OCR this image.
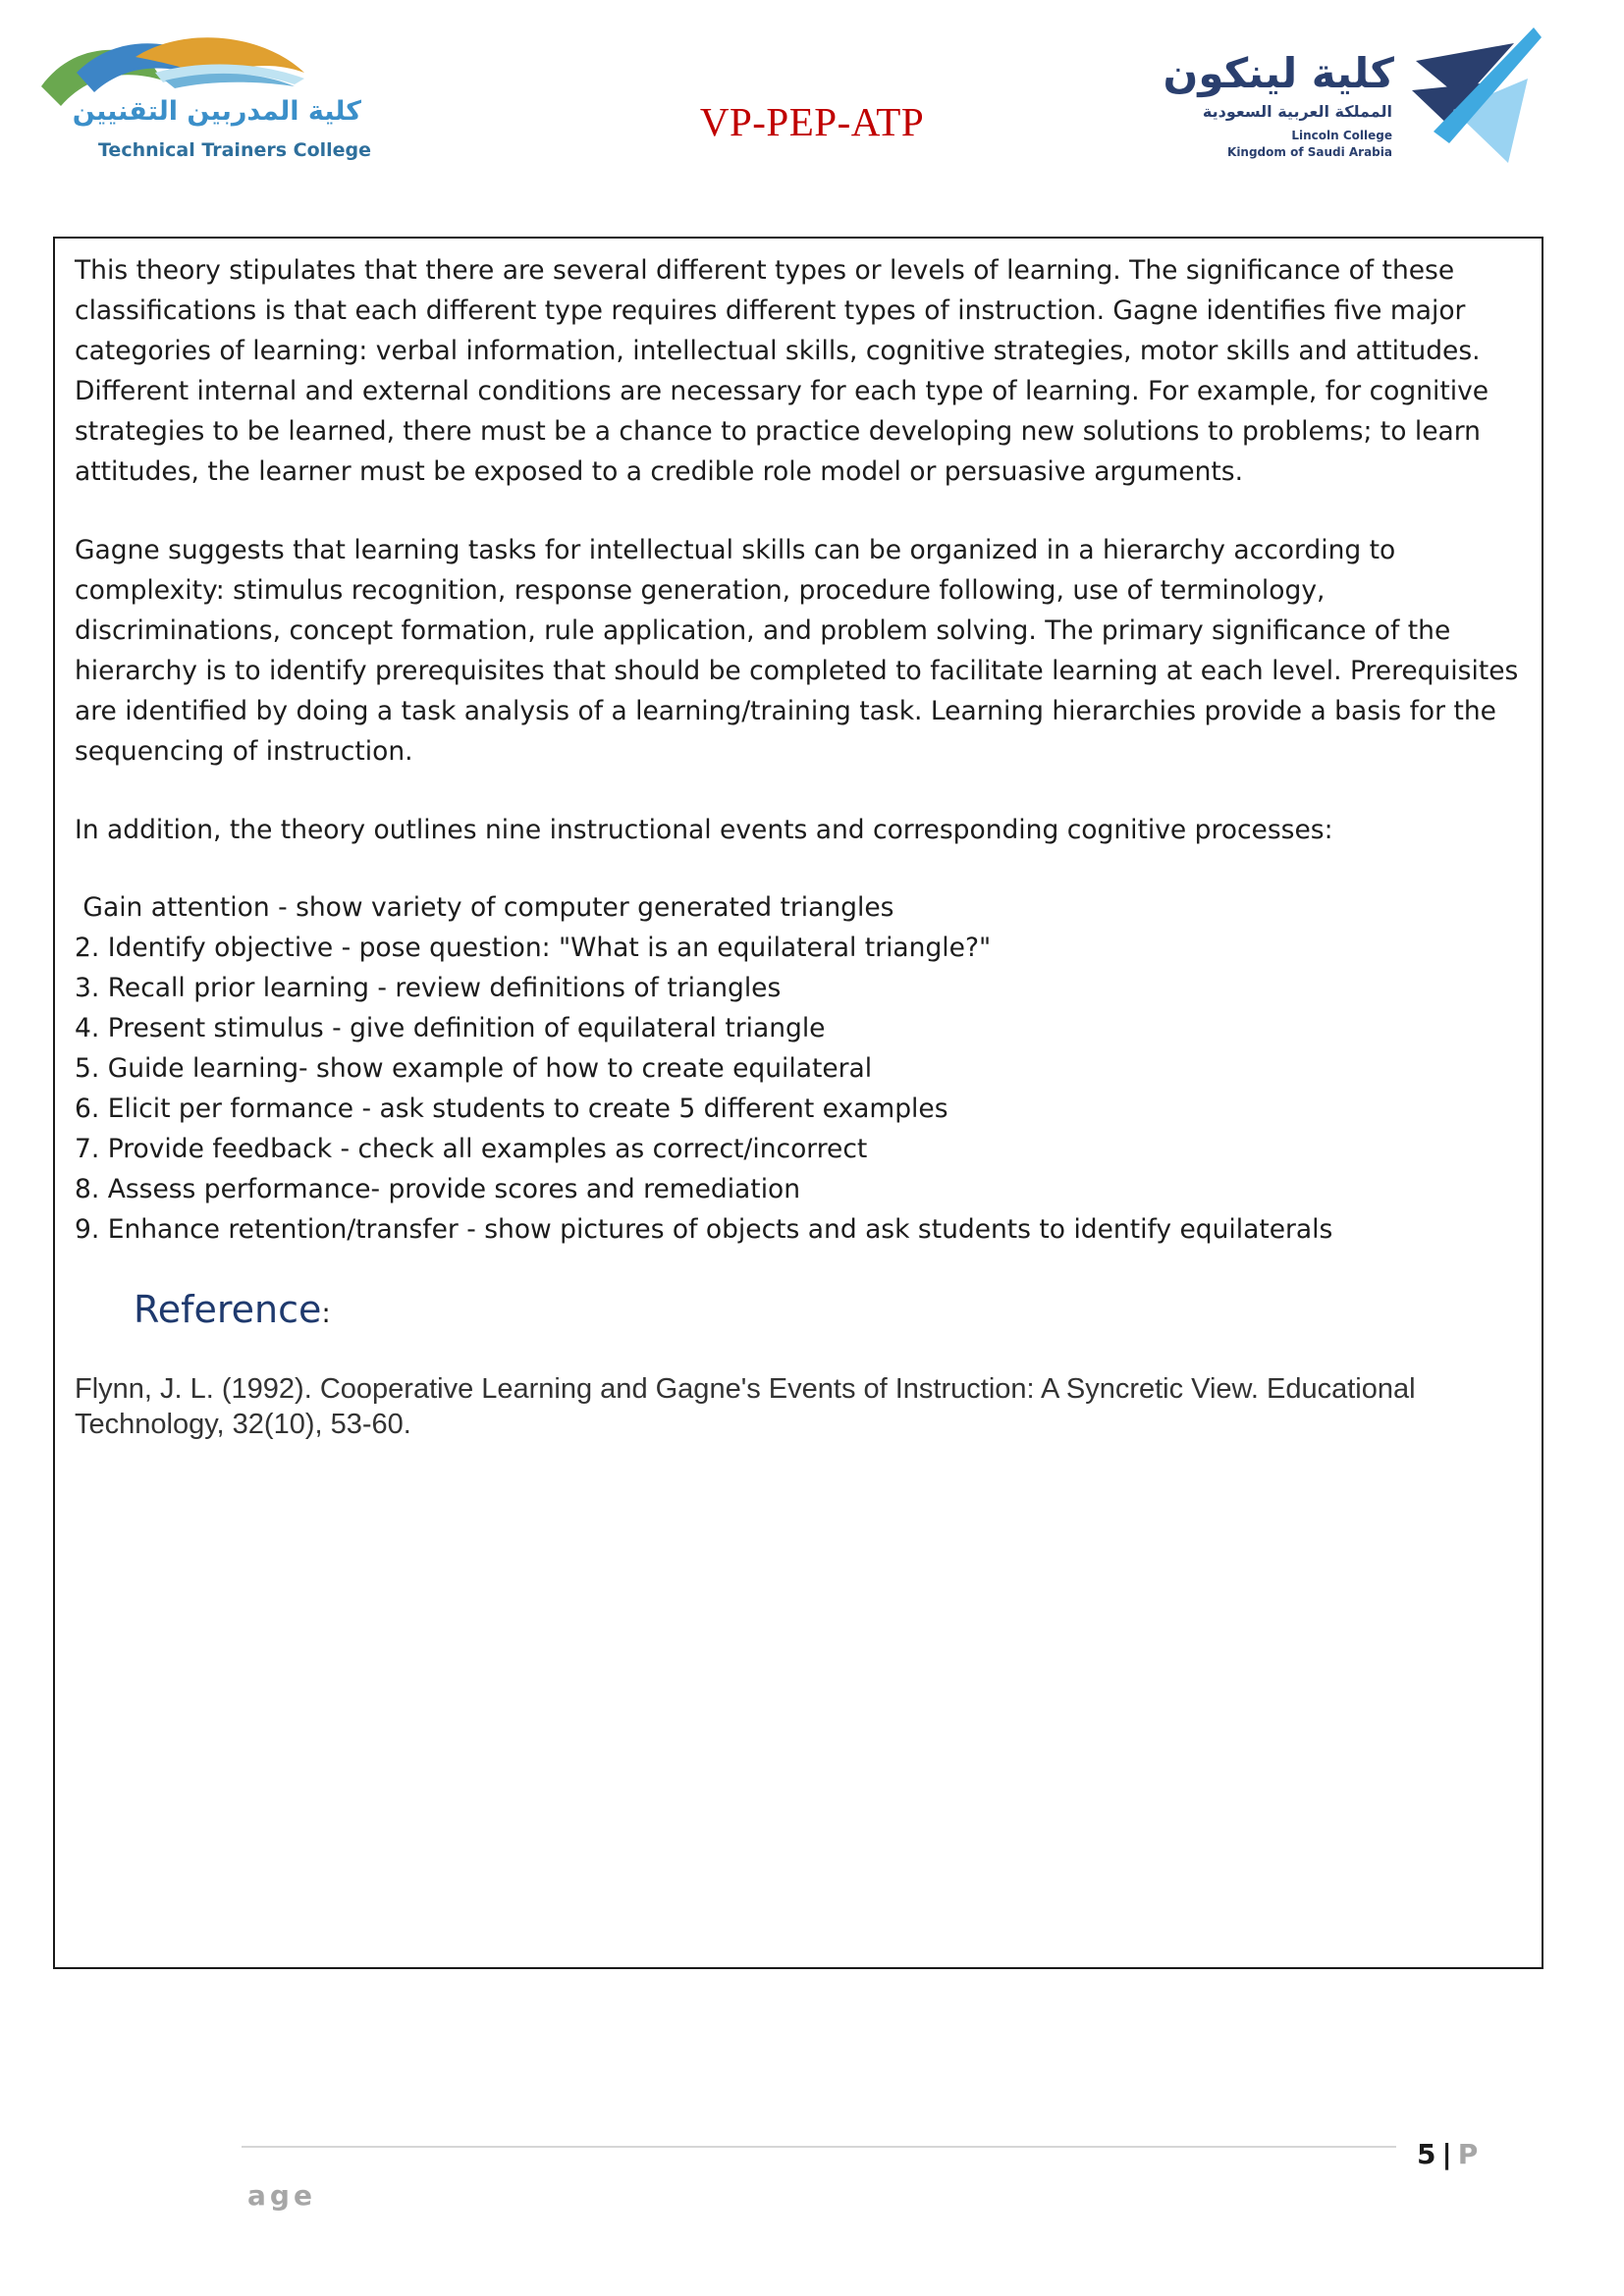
كلية المدربين التقنيين
Technical Trainers College
VP-PEP-ATP
كلية لينكون
المملكة العربية السعودية
Lincoln College
Kingdom of Saudi Arabia

This theory stipulates that there are several different types or levels of learning. The significance of these classifications is that each different type requires different types of instruction. Gagne identifies five major categories of learning: verbal information, intellectual skills, cognitive strategies, motor skills and attitudes. Different internal and external conditions are necessary for each type of learning. For example, for cognitive strategies to be learned, there must be a chance to practice developing new solutions to problems; to learn attitudes, the learner must be exposed to a credible role model or persuasive arguments.

Gagne suggests that learning tasks for intellectual skills can be organized in a hierarchy according to complexity: stimulus recognition, response generation, procedure following, use of terminology, discriminations, concept formation, rule application, and problem solving. The primary significance of the hierarchy is to identify prerequisites that should be completed to facilitate learning at each level. Prerequisites are identified by doing a task analysis of a learning/training task. Learning hierarchies provide a basis for the sequencing of instruction.

In addition, the theory outlines nine instructional events and corresponding cognitive processes:

Gain attention - show variety of computer generated triangles
2. Identify objective - pose question: "What is an equilateral triangle?"
3. Recall prior learning - review definitions of triangles
4. Present stimulus - give definition of equilateral triangle
5. Guide learning- show example of how to create equilateral
6. Elicit per formance - ask students to create 5 different examples
7. Provide feedback - check all examples as correct/incorrect
8. Assess performance- provide scores and remediation
9. Enhance retention/transfer - show pictures of objects and ask students to identify equilaterals
Reference:

Flynn, J. L. (1992). Cooperative Learning and Gagne's Events of Instruction: A Syncretic View. Educational Technology, 32(10), 53-60.

5 | P
age
